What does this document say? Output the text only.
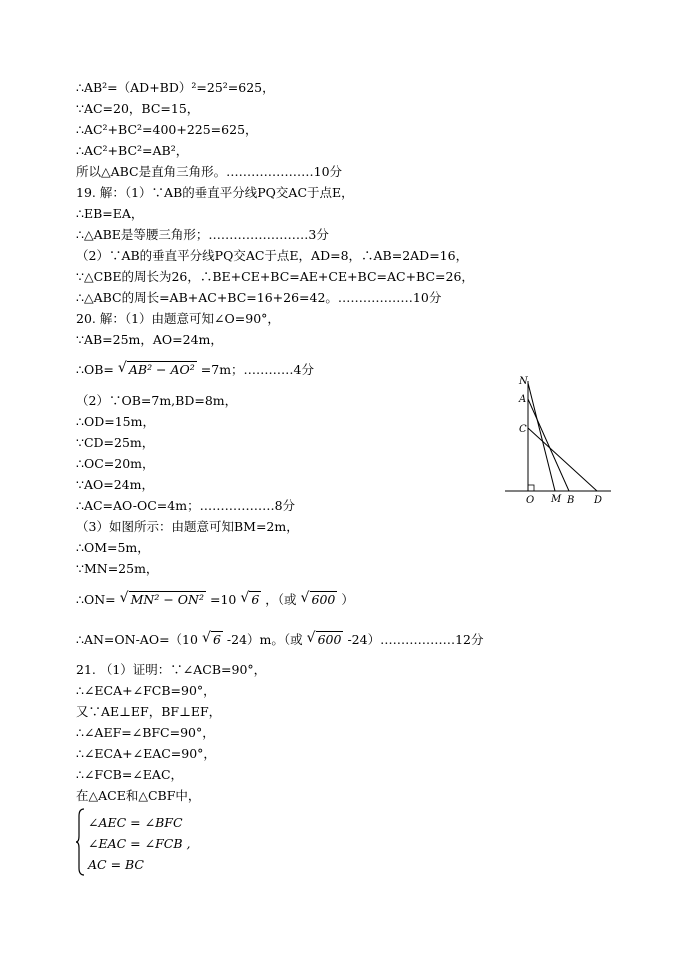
∴AB²=（AD+BD）²=25²=625，
∵AC=20，BC=15，
∴AC²+BC²=400+225=625，
∴AC²+BC²=AB²，
所以△ABC是直角三角形。…………………10分
19. 解：（1）∵AB的垂直平分线PQ交AC于点E，
∴EB=EA，
∴△ABE是等腰三角形；……………………3分
（2）∵AB的垂直平分线PQ交AC于点E，AD=8，∴AB=2AD=16，
∵△CBE的周长为26，∴BE+CE+BC=AE+CE+BC=AC+BC=26，
∴△ABC的周长=AB+AC+BC=16+26=42。………………10分
20. 解：（1）由题意可知∠O=90°，
∵AB=25m，AO=24m，
∴OB= √ AB² − AO² =7m；…………4分
（2）∵OB=7m,BD=8m，
∴OD=15m，
∵CD=25m，
∴OC=20m，
∵AO=24m，
∴AC=AO-OC=4m；………………8分
（3）如图所示：由题意可知BM=2m，
∴OM=5m，
∵MN=25m，
∴ON= √ MN² − ON² =10 √ 6 ，（或 √ 600 ）
∴AN=ON-AO=（10 √ 6 -24）m。（或 √ 600 -24）………………12分
21. （1）证明：∵∠ACB=90°，
∴∠ECA+∠FCB=90°，
又∵AE⊥EF，BF⊥EF，
∴∠AEF=∠BFC=90°，
∴∠ECA+∠EAC=90°，
∴∠FCB=∠EAC，
在△ACE和△CBF中，
∠AEC = ∠BFC
∠EAC = ∠FCB ,
AC = BC
N
A
C
O M B D
